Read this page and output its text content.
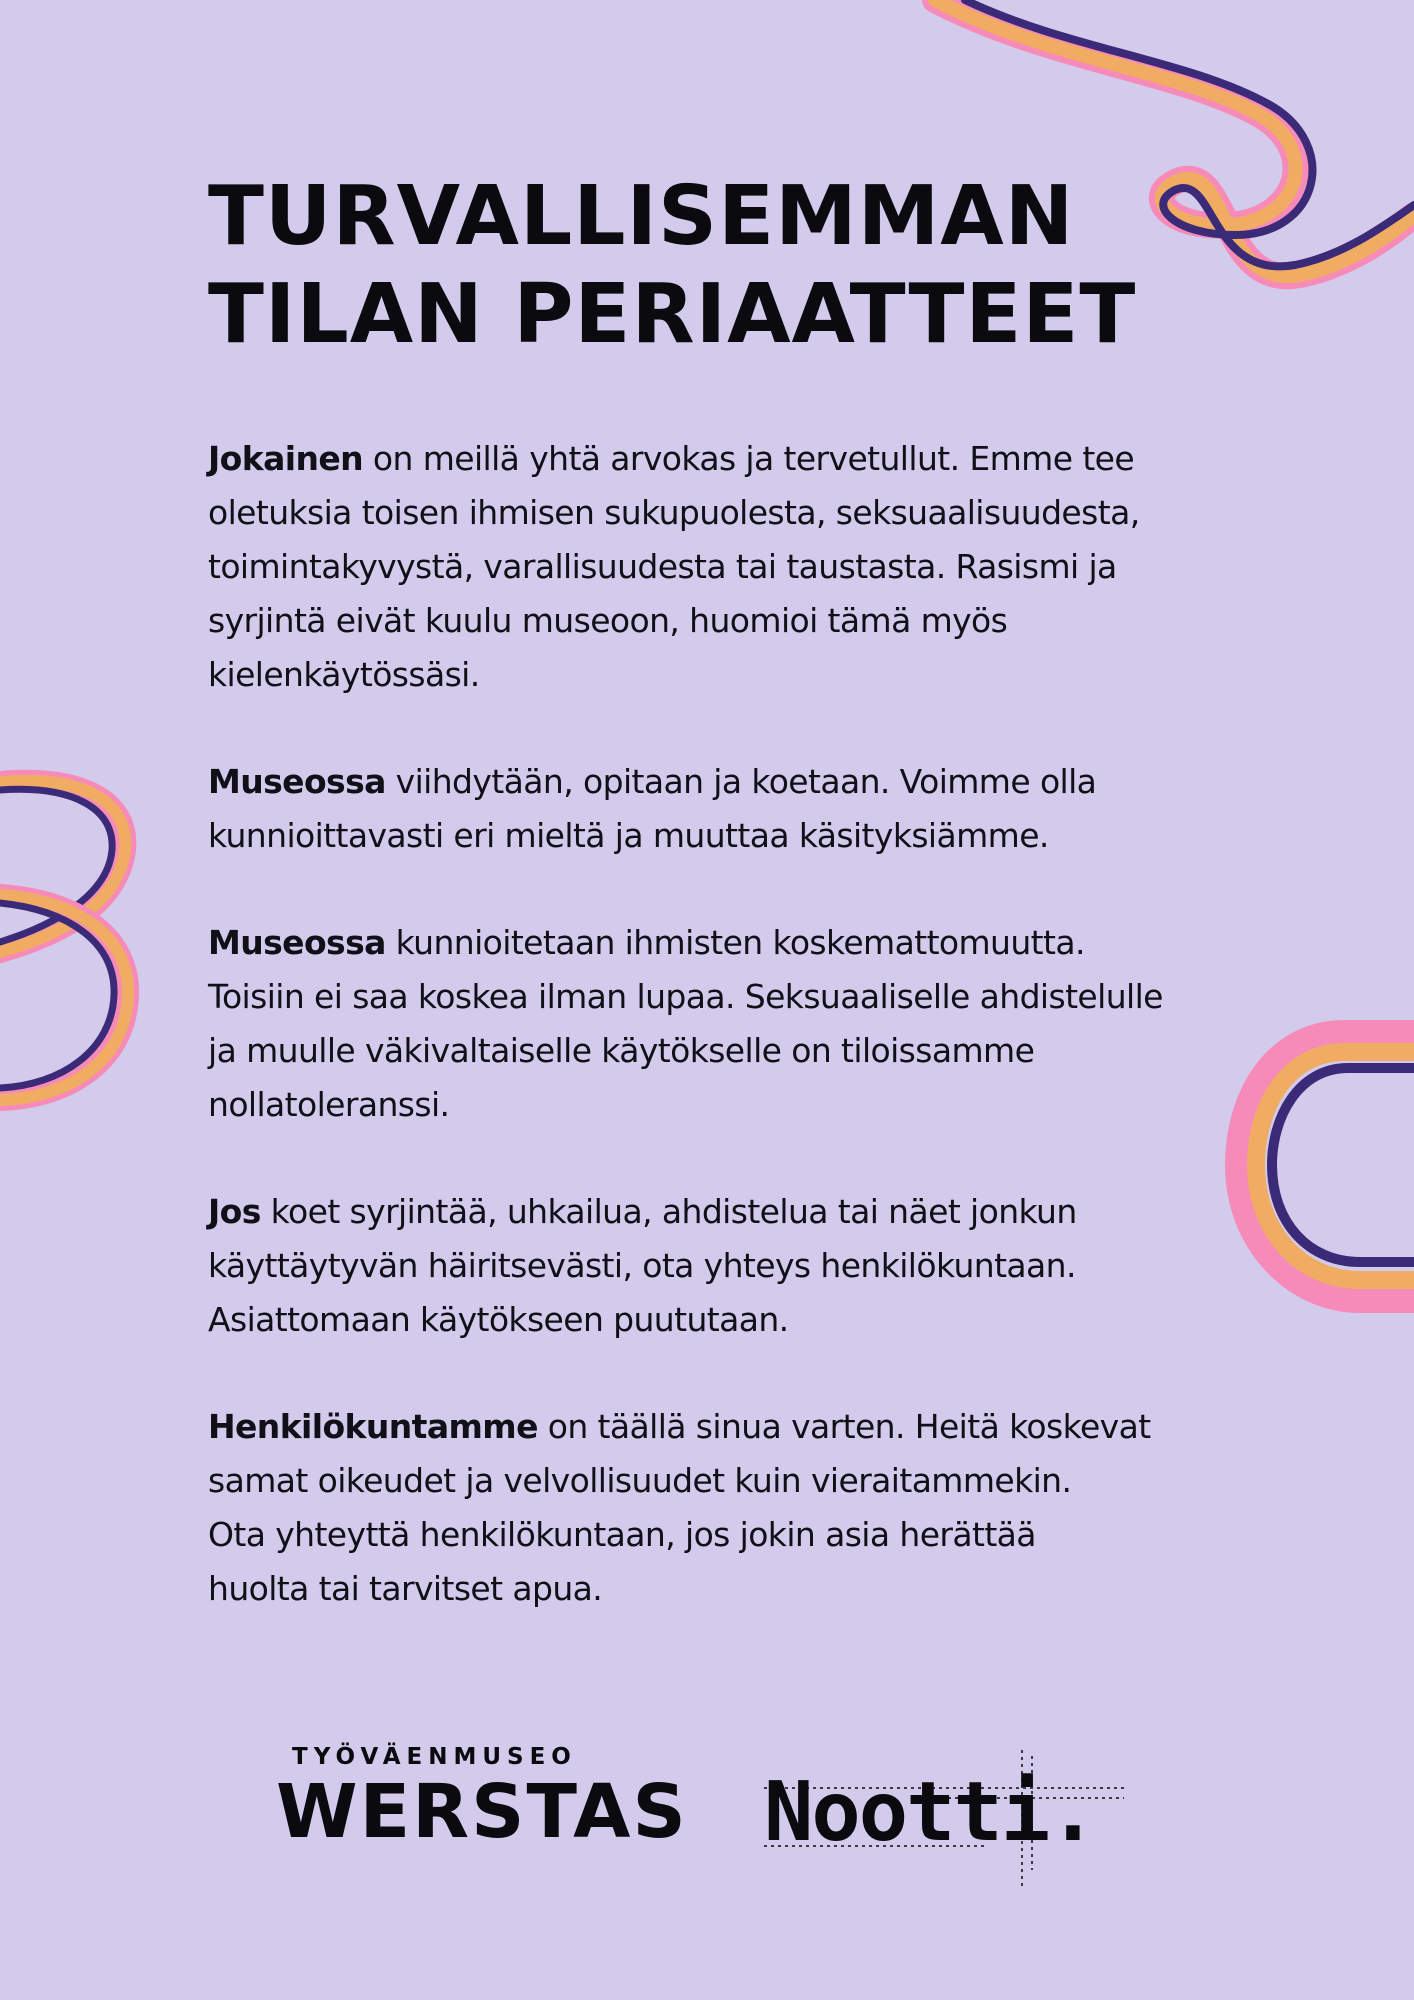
TURVALLISEMMAN
TILAN PERIAATTEET

Jokainen on meillä yhtä arvokas ja tervetullut. Emme tee
oletuksia toisen ihmisen sukupuolesta, seksuaalisuudesta,
toimintakyvystä, varallisuudesta tai taustasta. Rasismi ja
syrjintä eivät kuulu museoon, huomioi tämä myös
kielenkäytössäsi.

Museossa viihdytään, opitaan ja koetaan. Voimme olla
kunnioittavasti eri mieltä ja muuttaa käsityksiämme.

Museossa kunnioitetaan ihmisten koskemattomuutta.
Toisiin ei saa koskea ilman lupaa. Seksuaaliselle ahdistelulle
ja muulle väkivaltaiselle käytökselle on tiloissamme
nollatoleranssi.

Jos koet syrjintää, uhkailua, ahdistelua tai näet jonkun
käyttäytyvän häiritsevästi, ota yhteys henkilökuntaan.
Asiattomaan käytökseen puututaan.

Henkilökuntamme on täällä sinua varten. Heitä koskevat
samat oikeudet ja velvollisuudet kuin vieraitammekin.
Ota yhteyttä henkilökuntaan, jos jokin asia herättää
huolta tai tarvitset apua.

TYÖVÄENMUSEO
WERSTAS Nootti.
